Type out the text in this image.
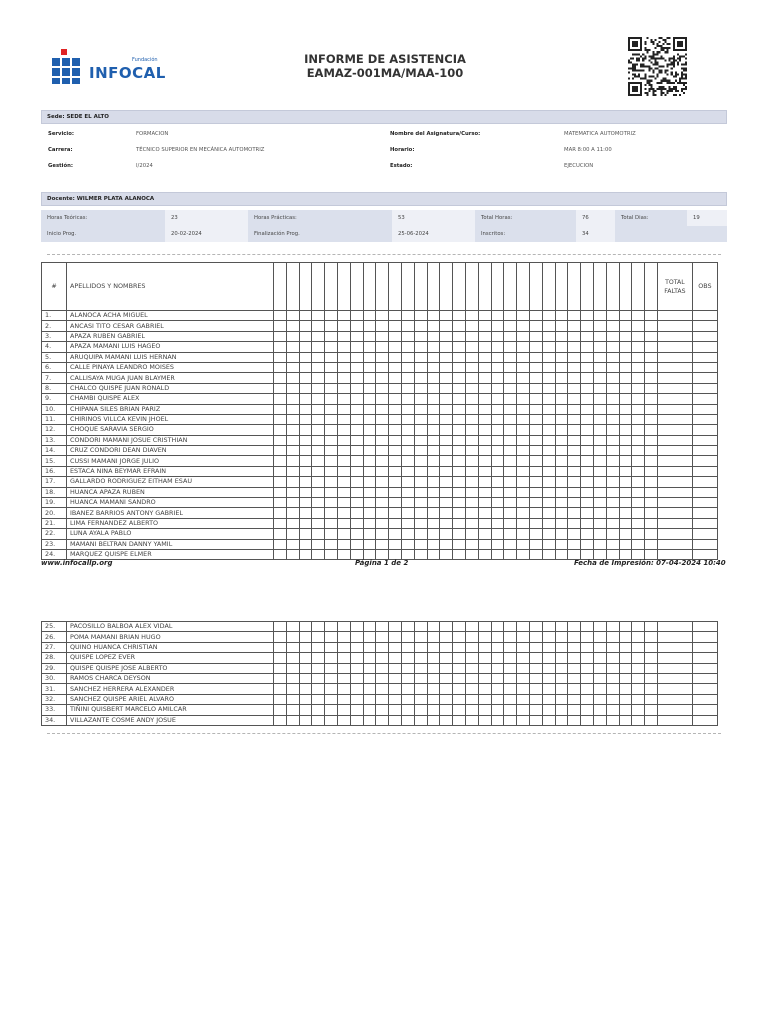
Fundación
INFOCAL
INFORME DE ASISTENCIA
EAMAZ-001MA/MAA-100
Sede: SEDE EL ALTO
Servicio:	FORMACION	Nombre del Asignatura/Curso:	MATEMATICA AUTOMOTRIZ
Carrera:	TÉCNICO SUPERIOR EN MECÁNICA AUTOMOTRIZ	Horario:	MAR 8:00 A 11:00
Gestión:	I/2024	Estado:	EJECUCION
Docente: WILMER PLATA ALANOCA
Horas Teóricas:	23	Horas Prácticas:	53	Total Horas:	76	Total Dias:	19
Inicio Prog.	20-02-2024	Finalización Prog.	25-06-2024	Inscritos:	34
#	APELLIDOS Y NOMBRES																															TOTAL FALTAS	OBS
1.	ALANOCA ACHA MIGUEL																																
2.	ANCASI TITO CESAR GABRIEL																																
3.	APAZA RUBEN GABRIEL																																
4.	APAZA MAMANI LUIS HAGEO																																
5.	ARUQUIPA MAMANI LUIS HERNAN																																
6.	CALLE PINAYA LEANDRO MOISES																																
7.	CALLISAYA MUGA JUAN BLAYMER																																
8.	CHALCO QUISPE JUAN RONALD																																
9.	CHAMBI QUISPE ALEX																																
10.	CHIPANA SILES BRIAN PARIZ																																
11.	CHIRINOS VILLCA KEVIN JHOEL																																
12.	CHOQUE SARAVIA SERGIO																																
13.	CONDORI MAMANI JOSUE CRISTHIAN																																
14.	CRUZ CONDORI DEAN DIAVEN																																
15.	CUSSI MAMANI JORGE JULIO																																
16.	ESTACA NINA BEYMAR EFRAIN																																
17.	GALLARDO RODRIGUEZ EITHAM ESAU																																
18.	HUANCA APAZA RUBEN																																
19.	HUANCA MAMANI SANDRO																																
20.	IBANEZ BARRIOS ANTONY GABRIEL																																
21.	LIMA FERNANDEZ ALBERTO																																
22.	LUNA AYALA PABLO																																
23.	MAMANI BELTRAN DANNY YAMIL																																
24.	MARQUEZ QUISPE ELMER																																
www.infocallp.org	Página 1 de 2	Fecha de Impresión: 07-04-2024 10:40
25.	PACOSILLO BALBOA ALEX VIDAL																																
26.	POMA MAMANI BRIAN HUGO																																
27.	QUINO HUANCA CHRISTIAN																																
28.	QUISPE LOPEZ EVER																																
29.	QUISPE QUISPE JOSE ALBERTO																																
30.	RAMOS CHARCA DEYSON																																
31.	SANCHEZ HERRERA ALEXANDER																																
32.	SANCHEZ QUISPE ARIEL ALVARO																																
33.	TIÑINI QUISBERT MARCELO AMILCAR																																
34.	VILLAZANTE COSME ANDY JOSUE																																
